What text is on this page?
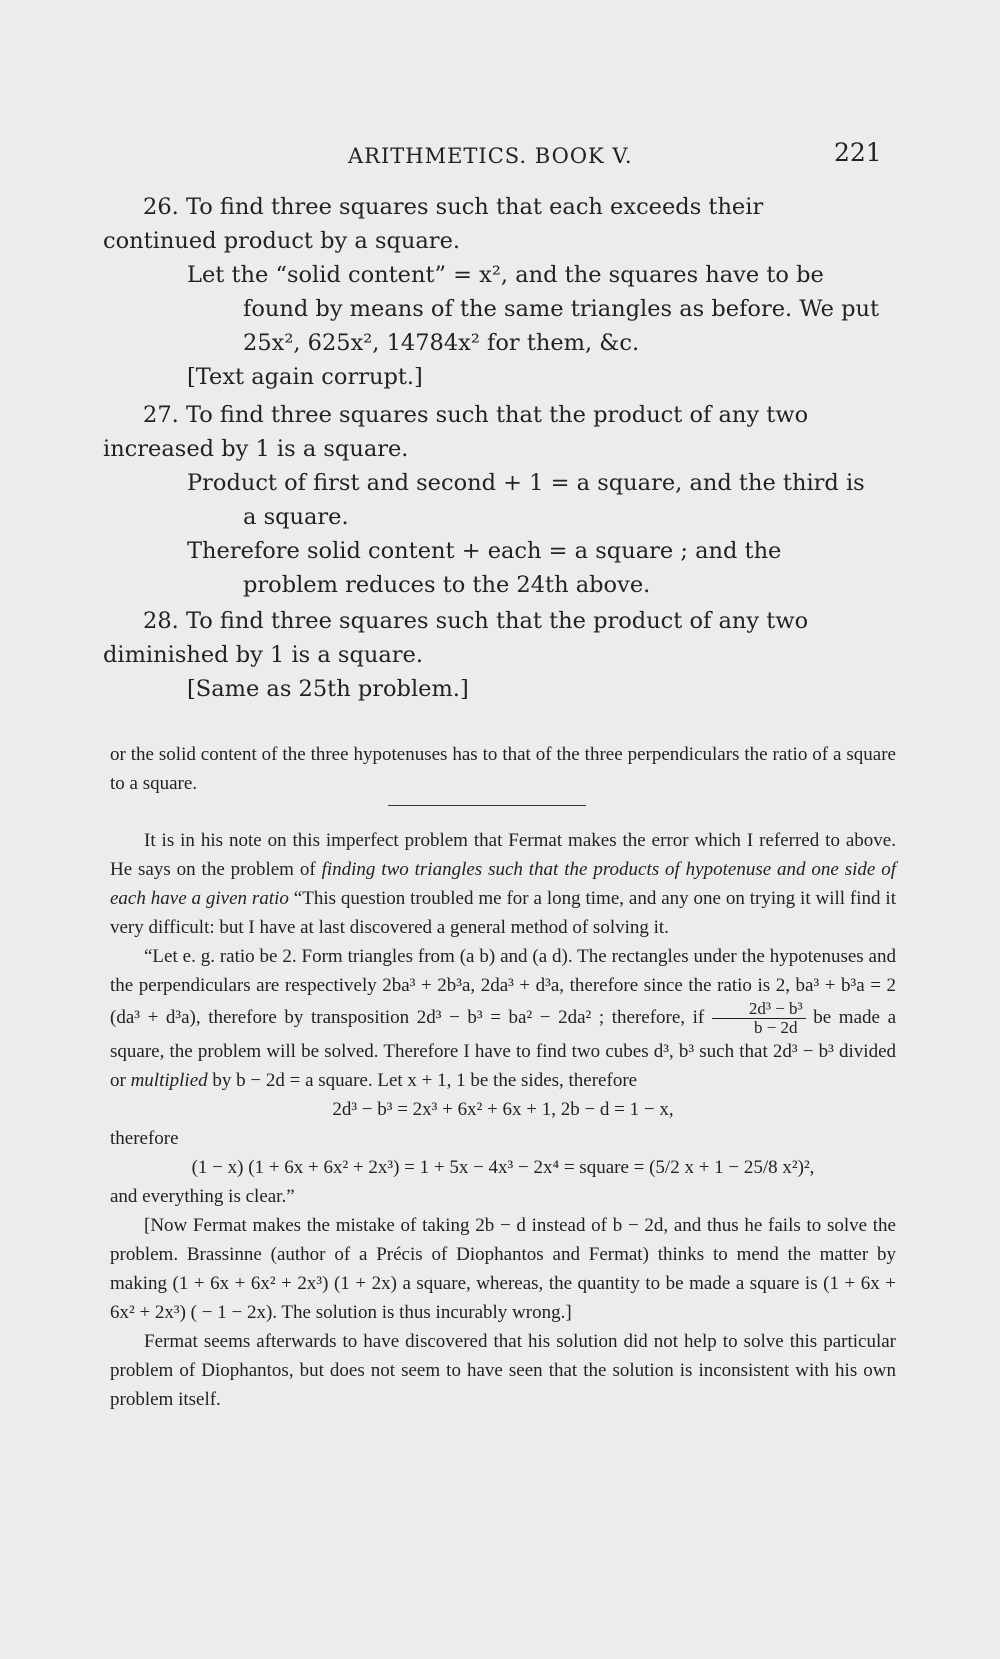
ARITHMETICS. BOOK V.	221

26. To find three squares such that each exceeds their continued product by a square.

Let the “solid content” = x², and the squares have to be found by means of the same triangles as before. We put 25x², 625x², 14784x² for them, &c.

[Text again corrupt.]

27. To find three squares such that the product of any two increased by 1 is a square.

Product of first and second + 1 = a square, and the third is a square.

Therefore solid content + each = a square ; and the problem reduces to the 24th above.

28. To find three squares such that the product of any two diminished by 1 is a square.

[Same as 25th problem.]

or the solid content of the three hypotenuses has to that of the three perpendiculars the ratio of a square to a square.

It is in his note on this imperfect problem that Fermat makes the error which I referred to above. He says on the problem of finding two triangles such that the products of hypotenuse and one side of each have a given ratio “This question troubled me for a long time, and any one on trying it will find it very difficult: but I have at last discovered a general method of solving it.

“Let e. g. ratio be 2. Form triangles from (a b) and (a d). The rectangles under the hypotenuses and the perpendiculars are respectively 2ba³ + 2b³a, 2da³ + d³a, therefore since the ratio is 2, ba³ + b³a = 2 (da³ + d³a), therefore by transposition 2d³ − b³ = ba² − 2da² ; therefore, if $\frac{\text{2d³ − b³}}{b - 2d}$ be made a square, the problem will be solved. Therefore I have to find two cubes d³, b³ such that 2d³ − b³ divided or multiplied by b − 2d = a square. Let x + 1, 1 be the sides, therefore

2d³ − b³ = 2x³ + 6x² + 6x + 1, 2b − d = 1 − x,

therefore

(1 − x) (1 + 6x + 6x² + 2x³) = 1 + 5x − 4x³ − 2x⁴ = square = (5/2 x + 1 − 25/8 x²)²,

and everything is clear.”

[Now Fermat makes the mistake of taking 2b − d instead of b − 2d, and thus he fails to solve the problem. Brassinne (author of a Précis of Diophantos and Fermat) thinks to mend the matter by making (1 + 6x + 6x² + 2x³) (1 + 2x) a square, whereas, the quantity to be made a square is (1 + 6x + 6x² + 2x³) ( − 1 − 2x). The solution is thus incurably wrong.]

Fermat seems afterwards to have discovered that his solution did not help to solve this particular problem of Diophantos, but does not seem to have seen that the solution is inconsistent with his own problem itself.
